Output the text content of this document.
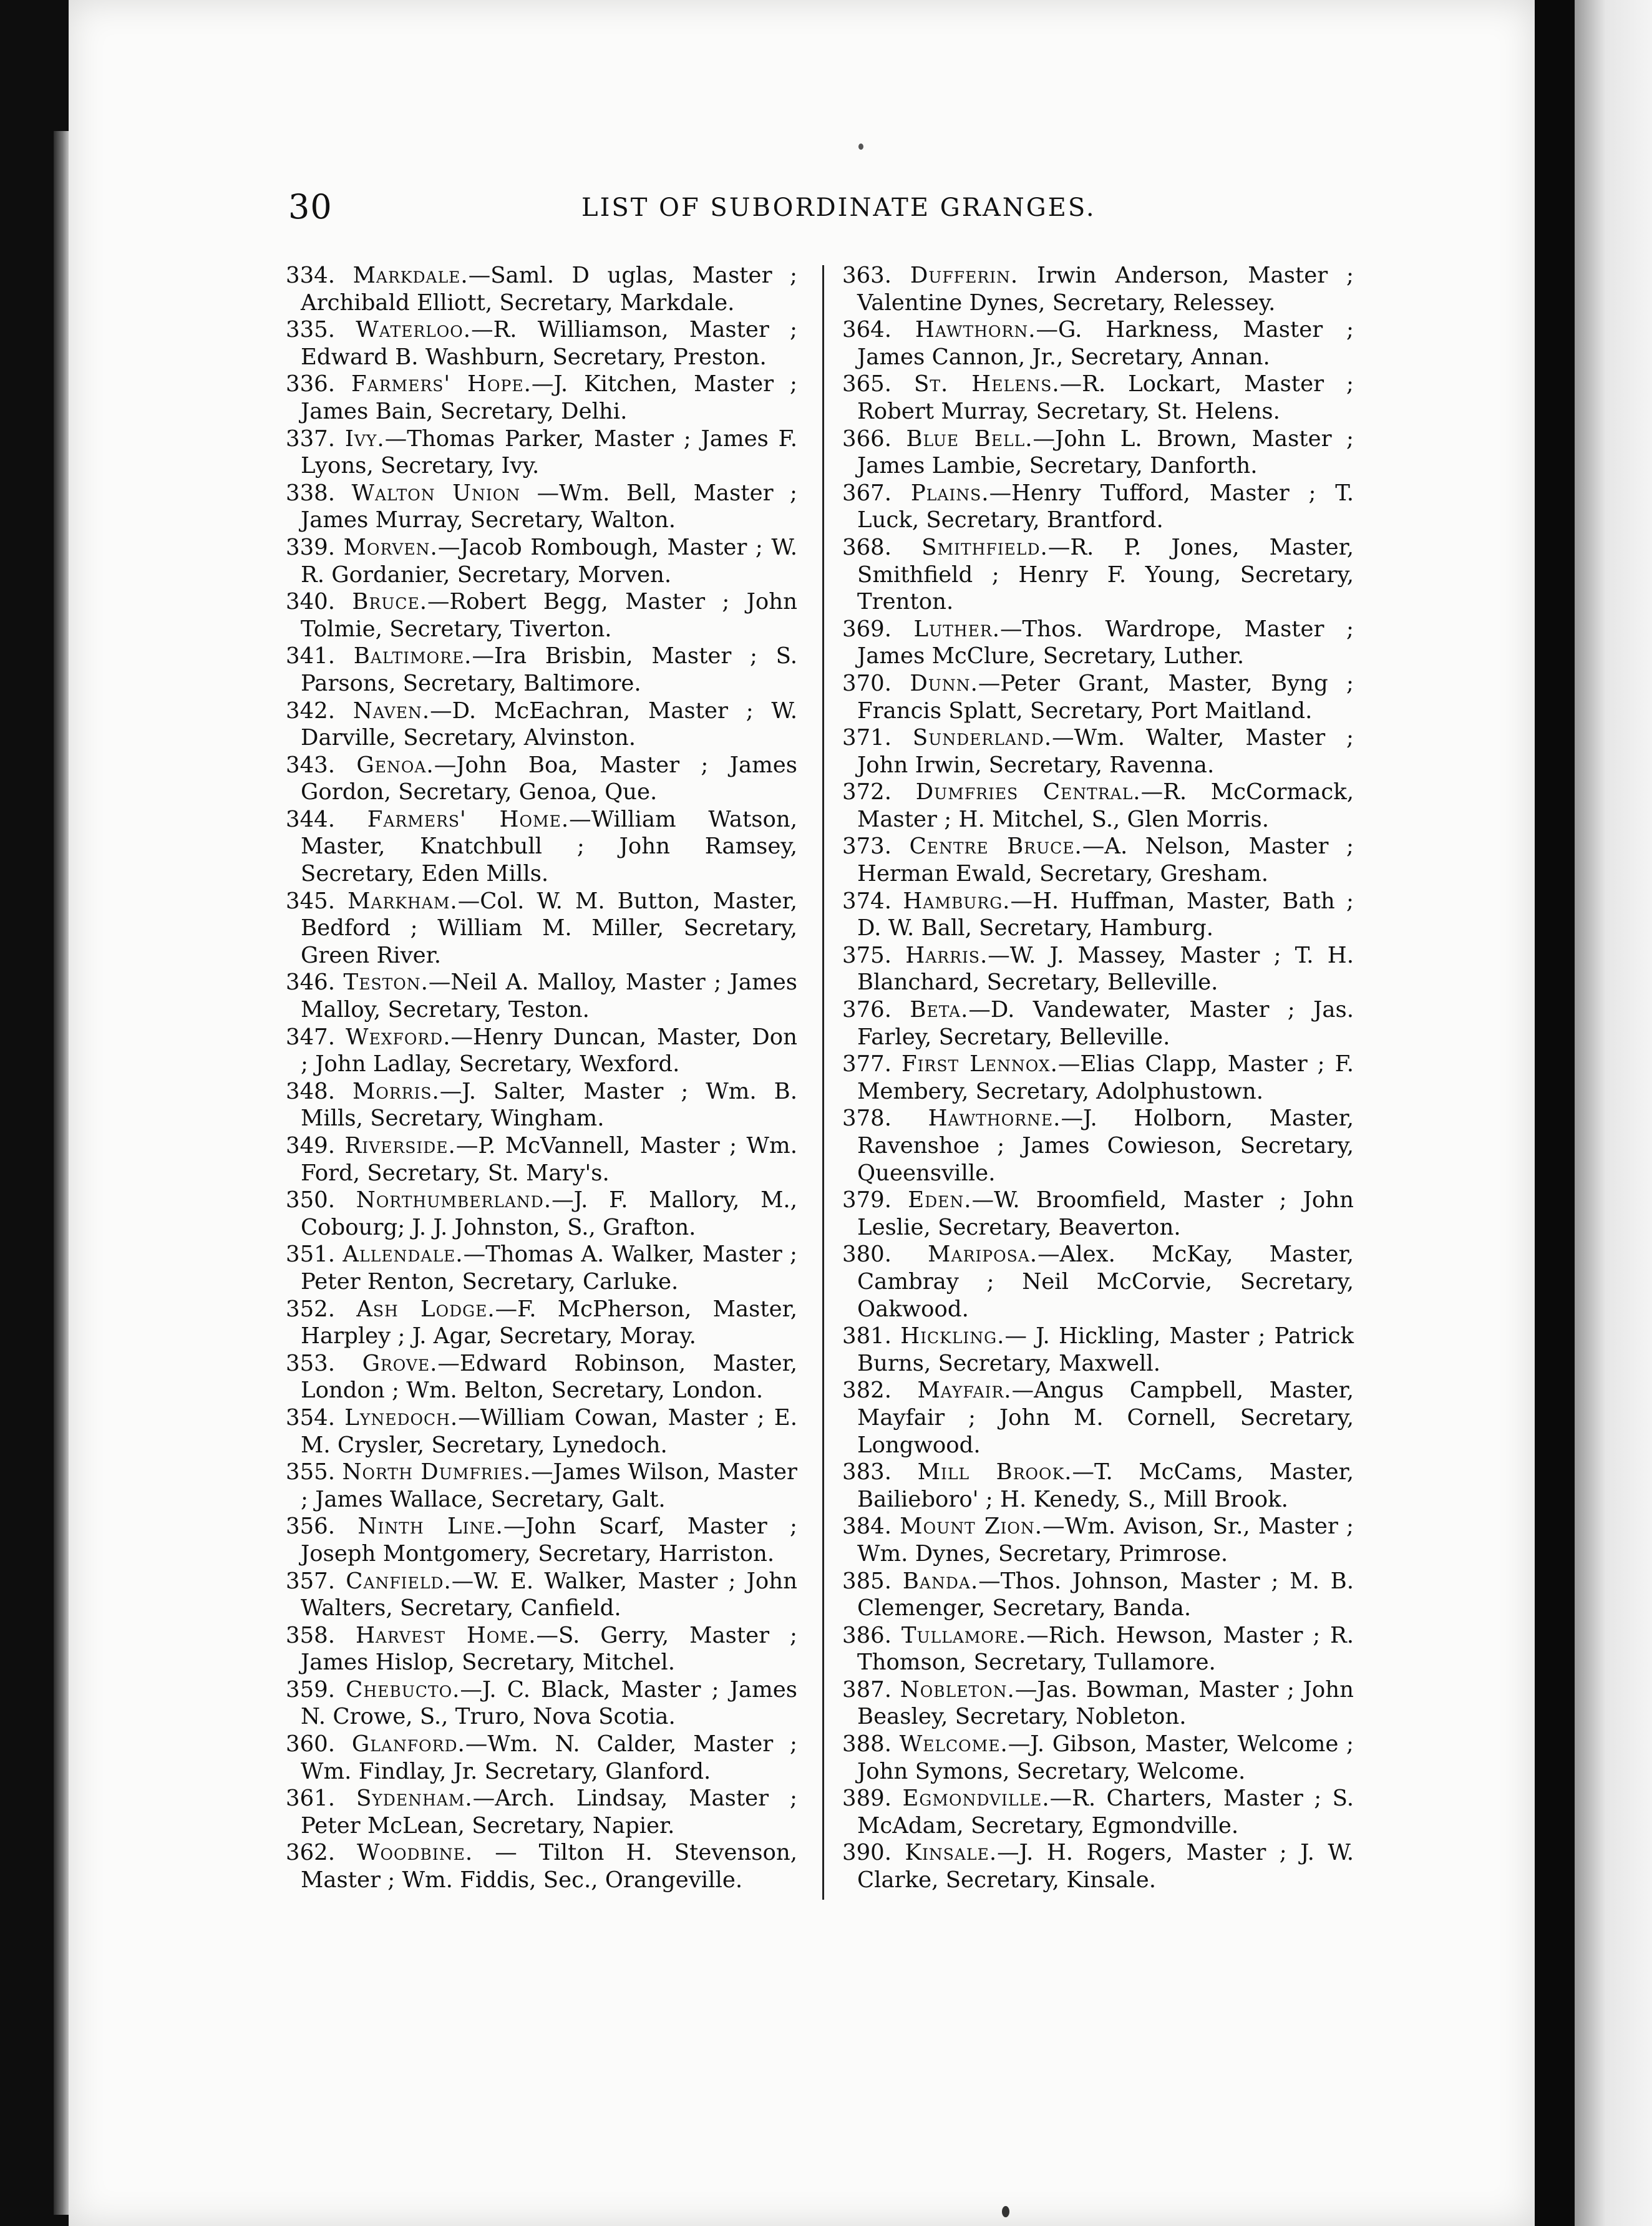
30	LIST OF SUBORDINATE GRANGES.
334. Markdale.—Saml. D uglas, Master ; Archibald Elliott, Secretary, Markdale.
335. Waterloo.—R. Williamson, Master ; Edward B. Washburn, Secretary, Preston.
336. Farmers' Hope.—J. Kitchen, Master ; James Bain, Secretary, Delhi.
337. Ivy.—Thomas Parker, Master ; James F. Lyons, Secretary, Ivy.
338. Walton Union —Wm. Bell, Master ; James Murray, Secretary, Walton.
339. Morven.—Jacob Rombough, Master ; W. R. Gordanier, Secretary, Morven.
340. Bruce.—Robert Begg, Master ; John Tolmie, Secretary, Tiverton.
341. Baltimore.—Ira Brisbin, Master ; S. Parsons, Secretary, Baltimore.
342. Naven.—D. McEachran, Master ; W. Darville, Secretary, Alvinston.
343. Genoa.—John Boa, Master ; James Gordon, Secretary, Genoa, Que.
344. Farmers' Home.—William Watson, Master, Knatchbull ; John Ramsey, Secretary, Eden Mills.
345. Markham.—Col. W. M. Button, Master, Bedford ; William M. Miller, Secretary, Green River.
346. Teston.—Neil A. Malloy, Master ; James Malloy, Secretary, Teston.
347. Wexford.—Henry Duncan, Master, Don ; John Ladlay, Secretary, Wexford.
348. Morris.—J. Salter, Master ; Wm. B. Mills, Secretary, Wingham.
349. Riverside.—P. McVannell, Master ; Wm. Ford, Secretary, St. Mary's.
350. Northumberland.—J. F. Mallory, M., Cobourg; J. J. Johnston, S., Grafton.
351. Allendale.—Thomas A. Walker, Master ; Peter Renton, Secretary, Carluke.
352. Ash Lodge.—F. McPherson, Master, Harpley ; J. Agar, Secretary, Moray.
353. Grove.—Edward Robinson, Master, London ; Wm. Belton, Secretary, London.
354. Lynedoch.—William Cowan, Master ; E. M. Crysler, Secretary, Lynedoch.
355. North Dumfries.—James Wilson, Master ; James Wallace, Secretary, Galt.
356. Ninth Line.—John Scarf, Master ; Joseph Montgomery, Secretary, Harriston.
357. Canfield.—W. E. Walker, Master ; John Walters, Secretary, Canfield.
358. Harvest Home.—S. Gerry, Master ; James Hislop, Secretary, Mitchel.
359. Chebucto.—J. C. Black, Master ; James N. Crowe, S., Truro, Nova Scotia.
360. Glanford.—Wm. N. Calder, Master ; Wm. Findlay, Jr. Secretary, Glanford.
361. Sydenham.—Arch. Lindsay, Master ; Peter McLean, Secretary, Napier.
362. Woodbine. — Tilton H. Stevenson, Master ; Wm. Fiddis, Sec., Orangeville.
363. Dufferin. Irwin Anderson, Master ; Valentine Dynes, Secretary, Relessey.
364. Hawthorn.—G. Harkness, Master ; James Cannon, Jr., Secretary, Annan.
365. St. Helens.—R. Lockart, Master ; Robert Murray, Secretary, St. Helens.
366. Blue Bell.—John L. Brown, Master ; James Lambie, Secretary, Danforth.
367. Plains.—Henry Tufford, Master ; T. Luck, Secretary, Brantford.
368. Smithfield.—R. P. Jones, Master, Smithfield ; Henry F. Young, Secretary, Trenton.
369. Luther.—Thos. Wardrope, Master ; James McClure, Secretary, Luther.
370. Dunn.—Peter Grant, Master, Byng ; Francis Splatt, Secretary, Port Maitland.
371. Sunderland.—Wm. Walter, Master ; John Irwin, Secretary, Ravenna.
372. Dumfries Central.—R. McCormack, Master ; H. Mitchel, S., Glen Morris.
373. Centre Bruce.—A. Nelson, Master ; Herman Ewald, Secretary, Gresham.
374. Hamburg.—H. Huffman, Master, Bath ; D. W. Ball, Secretary, Hamburg.
375. Harris.—W. J. Massey, Master ; T. H. Blanchard, Secretary, Belleville.
376. Beta.—D. Vandewater, Master ; Jas. Farley, Secretary, Belleville.
377. First Lennox.—Elias Clapp, Master ; F. Membery, Secretary, Adolphustown.
378. Hawthorne.—J. Holborn, Master, Ravenshoe ; James Cowieson, Secretary, Queensville.
379. Eden.—W. Broomfield, Master ; John Leslie, Secretary, Beaverton.
380. Mariposa.—Alex. McKay, Master, Cambray ; Neil McCorvie, Secretary, Oakwood.
381. Hickling.— J. Hickling, Master ; Patrick Burns, Secretary, Maxwell.
382. Mayfair.—Angus Campbell, Master, Mayfair ; John M. Cornell, Secretary, Longwood.
383. Mill Brook.—T. McCams, Master, Bailieboro' ; H. Kenedy, S., Mill Brook.
384. Mount Zion.—Wm. Avison, Sr., Master ; Wm. Dynes, Secretary, Primrose.
385. Banda.—Thos. Johnson, Master ; M. B. Clemenger, Secretary, Banda.
386. Tullamore.—Rich. Hewson, Master ; R. Thomson, Secretary, Tullamore.
387. Nobleton.—Jas. Bowman, Master ; John Beasley, Secretary, Nobleton.
388. Welcome.—J. Gibson, Master, Welcome ; John Symons, Secretary, Welcome.
389. Egmondville.—R. Charters, Master ; S. McAdam, Secretary, Egmondville.
390. Kinsale.—J. H. Rogers, Master ; J. W. Clarke, Secretary, Kinsale.
